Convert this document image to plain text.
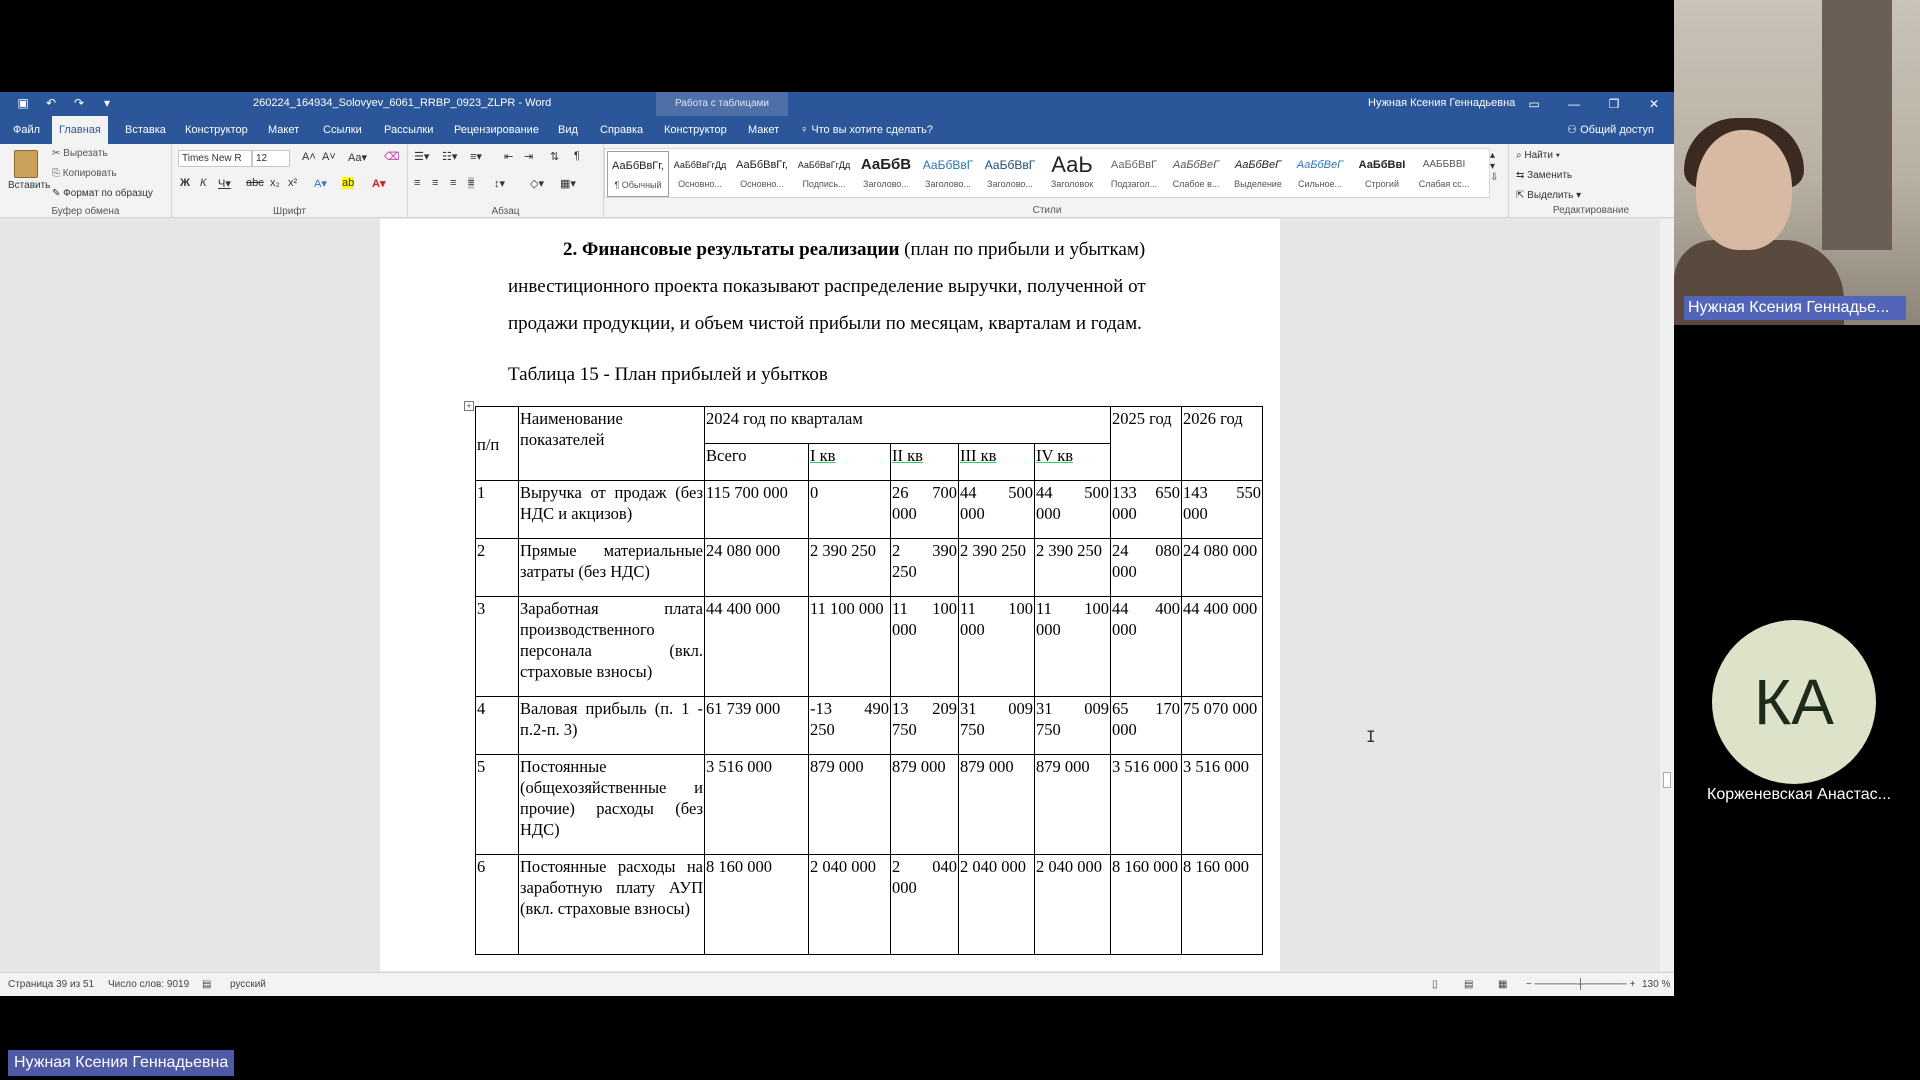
▣ ↶ ↷	▾	260224_164934_Solovyev_6061_RRBP_0923_ZLPR - Word	Работа с таблицами	Нужная Ксения Геннадьевна	▭	—	❐	✕
Файл	Главная	Вставка	Конструктор	Макет	Ссылки	Рассылки	Рецензирование	Вид	Справка	Конструктор	Макет	♀ Что вы хотите сделать?	⚇ Общий доступ
Вставить
✂ Вырезать
⎘ Копировать
✎ Формат по образцу
Буфер обмена
Times New R	12	A˄ A˅ Aa▾ ⌫
Ж К Ч▾ abc x₂ x² A▾ ab A▾
Шрифт
☰▾ ☷▾ ≡▾ ⇤ ⇥ ⇅ ¶
≡ ≡ ≡ ≡ ↕▾ ◇▾ ▦▾
Абзац
АаБбВвГг,
¶ Обычный
АаБбВвГгДд
Основно...
АаБбВвГг,
Основно...
АаБбВвГгДд
Подпись...
АаБбВ
Заголово...
АаБбВвГ
Заголово...
АаБбВвГ
Заголово...
АаЬ
Заголовок
АаБбВвГ
Подзагол...
АаБбВеГ
Слабое в...
АаБбВеГ
Выделение
АаБбВеГ
Сильное...
АаБбВвІ
Строгий
ААББВВІ
Слабая сс...
▴
▾
⇩
Стили
⌕ Найти ▾
⇆ Заменить
⇱ Выделить ▾
Редактирование
2. Финансовые результаты реализации (план по прибыли и убыткам)
инвестиционного проекта показывают распределение выручки, полученной от
продажи продукции, и объем чистой прибыли по месяцам, кварталам и годам.
Таблица 15 - План прибылей и убытков
+
п/п	Наименование показателей	2024 год по кварталам					2025 год	2026 год
		Всего	I кв	II кв	III кв	IV кв		
1	Выручка от продаж (без НДС и акцизов)	115 700 000	0	26 700 000	44 500 000	44 500 000	133 650 000	143 550 000
2	Прямые материальные затраты (без НДС)	24 080 000	2 390 250	2 390 250	2 390 250	2 390 250	24 080 000	24 080 000
3	Заработная плата производственного персонала (вкл. страховые взносы)	44 400 000	11 100 000	11 100 000	11 100 000	11 100 000	44 400 000	44 400 000
4	Валовая прибыль (п. 1 - п.2-п. 3)	61 739 000	-13 490 250	13 209 750	31 009 750	31 009 750	65 170 000	75 070 000
5	Постоянные (общехозяйственные и прочие) расходы (без НДС)	3 516 000	879 000	879 000	879 000	879 000	3 516 000	3 516 000
6	Постоянные расходы на заработную плату АУП (вкл. страховые взносы)	8 160 000	2 040 000	2 040 000	2 040 000	2 040 000	8 160 000	8 160 000
I
Страница 39 из 51 Число слов: 9019 ▤ русский	▯	▤ ▦ − ──────┼────── + 130 %
Нужная Ксения Геннадье...
КА
Корженевская Анастас...
Нужная Ксения Геннадьевна
